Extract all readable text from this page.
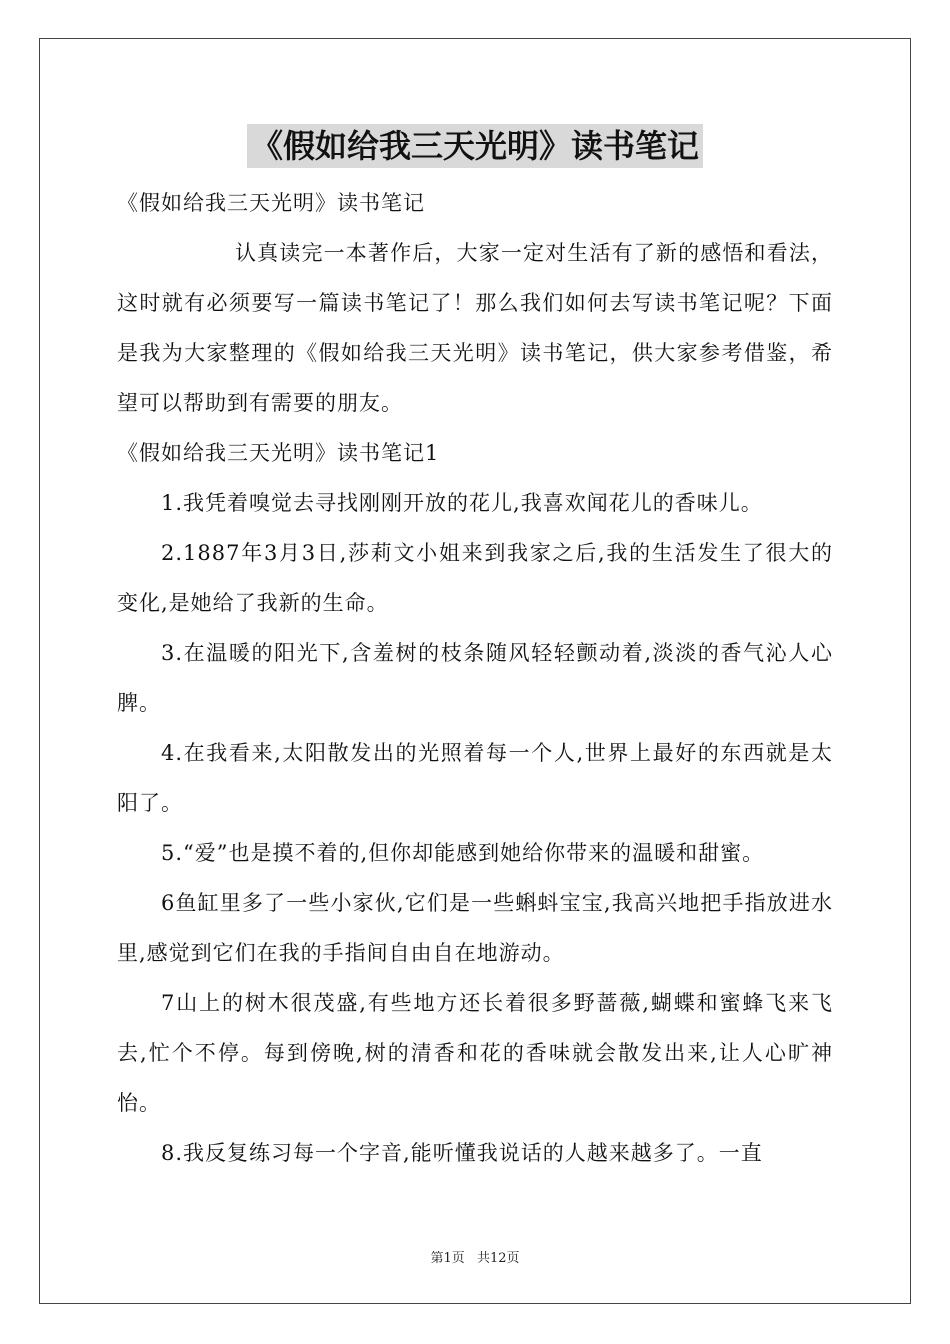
《假如给我三天光明》读书笔记

《假如给我三天光明》读书笔记

认真读完一本著作后，大家一定对生活有了新的感悟和看法，这时就有必须要写一篇读书笔记了！那么我们如何去写读书笔记呢？下面是我为大家整理的《假如给我三天光明》读书笔记，供大家参考借鉴，希望可以帮助到有需要的朋友。

《假如给我三天光明》读书笔记1

1.我凭着嗅觉去寻找刚刚开放的花儿,我喜欢闻花儿的香味儿。

2.1887年3月3日,莎莉文小姐来到我家之后,我的生活发生了很大的变化,是她给了我新的生命。

3.在温暖的阳光下,含羞树的枝条随风轻轻颤动着,淡淡的香气沁人心脾。

4.在我看来,太阳散发出的光照着每一个人,世界上最好的东西就是太阳了。

5.“爱”也是摸不着的,但你却能感到她给你带来的温暖和甜蜜。

6鱼缸里多了一些小家伙,它们是一些蝌蚪宝宝,我高兴地把手指放进水里,感觉到它们在我的手指间自由自在地游动。

7山上的树木很茂盛,有些地方还长着很多野蔷薇,蝴蝶和蜜蜂飞来飞去,忙个不停。每到傍晚,树的清香和花的香味就会散发出来,让人心旷神怡。

8.我反复练习每一个字音,能听懂我说话的人越来越多了。一直

第1页 共12页
